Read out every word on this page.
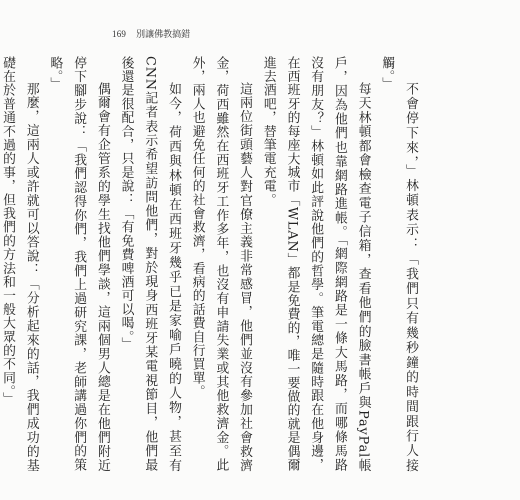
169 別讓佛教搞錯

不會停下來，」林頓表示：「我們只有幾秒鐘的時間跟行人接觸。」

每天林頓都會檢查電子信箱，查看他們的臉書帳戶與PayPal帳戶，因為他們也靠網路進帳。「網際網路是一條大馬路，而哪條馬路沒有朋友？」林頓如此評說他們的哲學。筆電總是隨時跟在他身邊，在西班牙的每座大城市「WLAN」都是免費的，唯一要做的就是偶爾進去酒吧，替筆電充電。

這兩位街頭藝人對官僚主義非常感冒，他們並沒有參加社會救濟金，荷西雖然在西班牙工作多年，也沒有申請失業或其他救濟金。此外，兩人也避免任何的社會救濟，看病的話費自行買單。

如今，荷西與林頓在西班牙幾乎已是家喻戶曉的人物，甚至有CNN記者表示希望訪問他們，對於現身西班牙某電視節目，他們最後還是很配合，只是說：「有免費啤酒可以喝。」

偶爾會有企管系的學生找他們學談，這兩個男人總是在他們附近停下腳步說：「我們認得你們，我們上過研究課，老師講過你們的策略。」

那麼，這兩人或許就可以答說：「分析起來的話，我們成功的基礎在於普通不過的事，但我們的方法和一般大眾的不同。」
